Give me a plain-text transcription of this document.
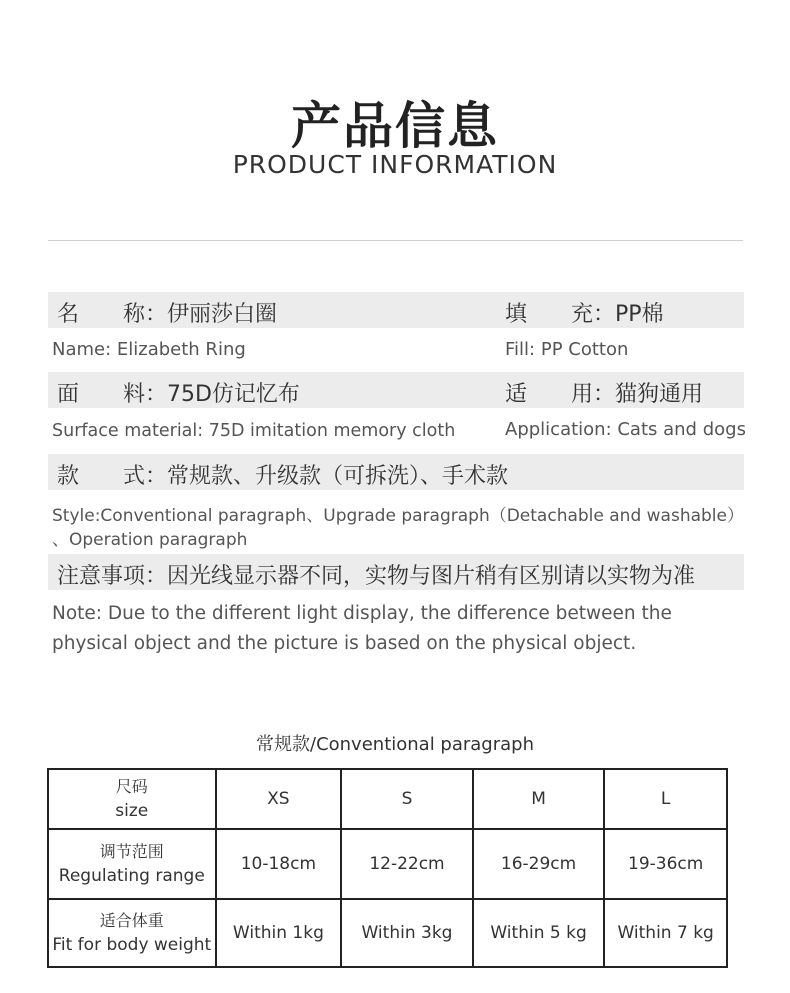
产品信息
PRODUCT INFORMATION
名　　称：伊丽莎白圈	填　　充：PP棉
Name: Elizabeth Ring	Fill: PP Cotton
面　　料：75D仿记忆布	适　　用：猫狗通用
Surface material: 75D imitation memory cloth	Application: Cats and dogs
款　　式：常规款、升级款（可拆洗）、手术款
Style:Conventional paragraph、Upgrade paragraph（Detachable and washable）
、Operation paragraph
注意事项：因光线显示器不同，实物与图片稍有区别请以实物为准
Note: Due to the different light display, the difference between the physical object and the picture is based on the physical object.
常规款/Conventional paragraph
尺码
size	XS	S	M	L

调节范围
Regulating range	10-18cm	12-22cm	16-29cm	19-36cm

适合体重
Fit for body weight	Within 1kg	Within 3kg	Within 5 kg	Within 7 kg
